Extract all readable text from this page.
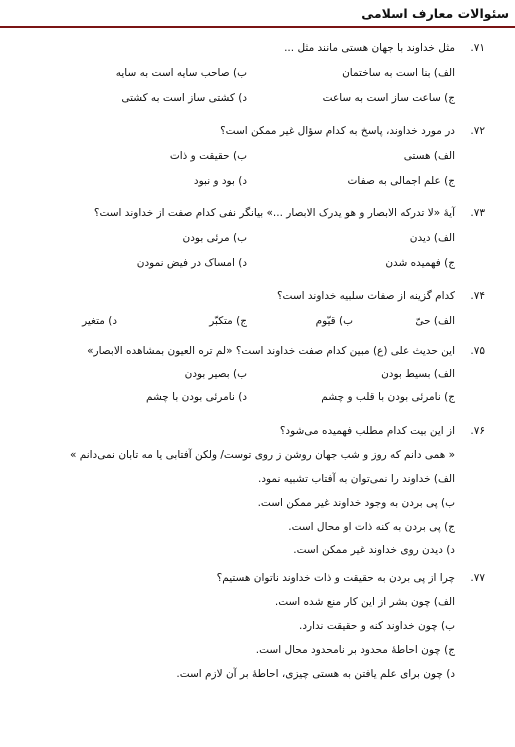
سئوالات معارف اسلامی
۷۱.
مثل خداوند با جهان هستی مانند مثل ...
الف) بنا است به ساختمان
ب) صاحب سایه است به سایه
ج) ساعت ساز است به ساعت
د) کشتی ساز است به کشتی
۷۲.
در مورد خداوند، پاسخ به کدام سؤال غیر ممکن است؟
الف) هستی
ب) حقیقت و ذات
ج) علم اجمالی به صفات
د) بود و نبود
۷۳.
آیهٔ «لا تدرکه الابصار و هو یدرک الابصار ...» بیانگر نفی کدام صفت از خداوند است؟
الف) دیدن
ب) مرئی بودن
ج) فهمیده شدن
د) امساک در فیض نمودن
۷۴.
کدام گزینه از صفات سلبیه خداوند است؟
الف) حیّ
ب) قیّوم
ج) متکبّر
د) متغیر
۷۵.
این حدیث علی (ع) مبین کدام صفت خداوند است؟ «لم تره العیون بمشاهده الابصار»
الف) بسیط بودن
ب) بصیر بودن
ج) نامرئی بودن با قلب و چشم
د) نامرئی بودن با چشم
۷۶.
از این بیت کدام مطلب فهمیده می‌شود؟
« همی دانم که روز و شب جهان روشن ز روی توست/ ولکن آفتابی یا مه تابان نمی‌دانم »
الف) خداوند را نمی‌توان به آفتاب تشبیه نمود.
ب) پی بردن به وجود خداوند غیر ممکن است.
ج) پی بردن به کنه ذات او محال است.
د) دیدن روی خداوند غیر ممکن است.
۷۷.
چرا از پی بردن به حقیقت و ذات خداوند ناتوان هستیم؟
الف) چون بشر از این کار منع شده است.
ب) چون خداوند کنه و حقیقت ندارد.
ج) چون احاطهٔ محدود بر نامحدود محال است.
د) چون برای علم یافتن به هستی چیزی، احاطهٔ بر آن لازم است.
